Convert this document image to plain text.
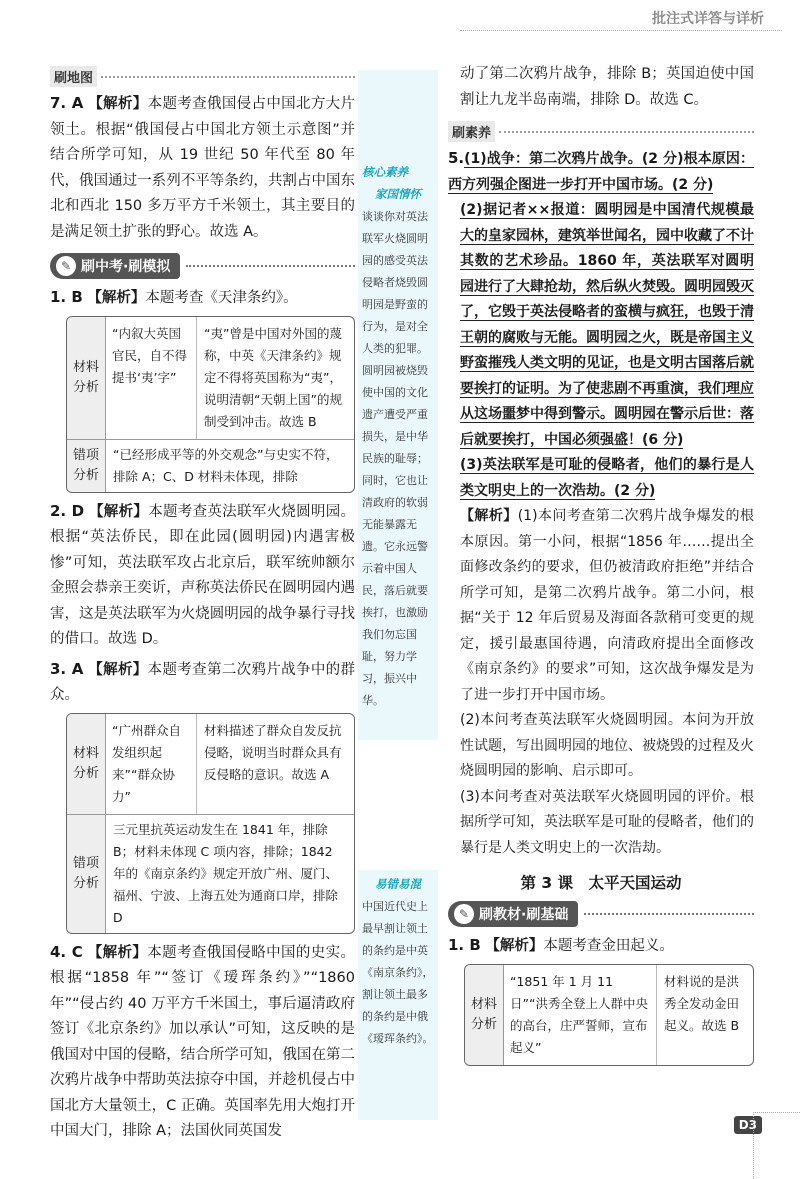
批注式详答与详析
刷地图

7. A 【解析】本题考查俄国侵占中国北方大片领土。根据“俄国侵占中国北方领土示意图”并结合所学可知，从 19 世纪 50 年代至 80 年代，俄国通过一系列不平等条约，共割占中国东北和西北 150 多万平方千米领土，其主要目的是满足领土扩张的野心。故选 A。

✎ 刷中考·刷模拟

1. B 【解析】本题考查《天津条约》。

材料分析
“内叙大英国官民，自不得提书‘夷’字”
“夷”曾是中国对外国的蔑称，中英《天津条约》规定不得将英国称为“夷”，说明清朝“天朝上国”的规制受到冲击。故选 B
错项分析
“已经形成平等的外交观念”与史实不符，排除 A；C、D 材料未体现，排除

2. D 【解析】本题考查英法联军火烧圆明园。根据“英法侨民，即在此园(圆明园)内遇害极惨”可知，英法联军攻占北京后，联军统帅额尔金照会恭亲王奕䜣，声称英法侨民在圆明园内遇害，这是英法联军为火烧圆明园的战争暴行寻找的借口。故选 D。

3. A 【解析】本题考查第二次鸦片战争中的群众。

材料分析
“广州群众自发组织起来”“群众协力”
材料描述了群众自发反抗侵略，说明当时群众具有反侵略的意识。故选 A
错项分析
三元里抗英运动发生在 1841 年，排除 B；材料未体现 C 项内容，排除；1842 年的《南京条约》规定开放广州、厦门、福州、宁波、上海五处为通商口岸，排除 D

4. C 【解析】本题考查俄国侵略中国的史实。根据“1858 年”“签订《瑷珲条约》”“1860 年”“侵占约 40 万平方千米国土，事后逼清政府签订《北京条约》加以承认”可知，这反映的是俄国对中国的侵略，结合所学可知，俄国在第二次鸦片战争中帮助英法掠夺中国，并趁机侵占中国北方大量领土，C 正确。英国率先用大炮打开中国大门，排除 A；法国伙同英国发

核心素养
家国情怀
谈谈你对英法联军火烧圆明园的感受英法侵略者烧毁圆明园是野蛮的行为，是对全人类的犯罪。圆明园被烧毁使中国的文化遗产遭受严重损失，是中华民族的耻辱；同时，它也让清政府的软弱无能暴露无遗。它永远警示着中国人民，落后就要挨打，也激励我们勿忘国耻，努力学习，振兴中华。
易错易混
中国近代史上最早割让领土的条约是中英《南京条约》，割让领土最多的条约是中俄《瑷珲条约》。

动了第二次鸦片战争，排除 B；英国迫使中国割让九龙半岛南端，排除 D。故选 C。

刷素养

5.(1)战争：第二次鸦片战争。(2 分)根本原因：西方列强企图进一步打开中国市场。(2 分)

(2)据记者××报道：圆明园是中国清代规模最大的皇家园林，建筑举世闻名，园中收藏了不计其数的艺术珍品。1860 年，英法联军对圆明园进行了大肆抢劫，然后纵火焚毁。圆明园毁灭了，它毁于英法侵略者的蛮横与疯狂，也毁于清王朝的腐败与无能。圆明园之火，既是帝国主义野蛮摧残人类文明的见证，也是文明古国落后就要挨打的证明。为了使悲剧不再重演，我们理应从这场噩梦中得到警示。圆明园在警示后世：落后就要挨打，中国必须强盛！(6 分)

(3)英法联军是可耻的侵略者，他们的暴行是人类文明史上的一次浩劫。(2 分)

【解析】(1)本问考查第二次鸦片战争爆发的根本原因。第一小问，根据“1856 年……提出全面修改条约的要求，但仍被清政府拒绝”并结合所学可知，是第二次鸦片战争。第二小问，根据“关于 12 年后贸易及海面各款稍可变更的规定，援引最惠国待遇，向清政府提出全面修改《南京条约》的要求”可知，这次战争爆发是为了进一步打开中国市场。

(2)本问考查英法联军火烧圆明园。本问为开放性试题，写出圆明园的地位、被烧毁的过程及火烧圆明园的影响、启示即可。

(3)本问考查对英法联军火烧圆明园的评价。根据所学可知，英法联军是可耻的侵略者，他们的暴行是人类文明史上的一次浩劫。

第 3 课　太平天国运动
✎ 刷教材·刷基础

1. B 【解析】本题考查金田起义。

材料分析
“1851 年 1 月 11 日”“洪秀全登上人群中央的高台，庄严誓师，宣布起义”
材料说的是洪秀全发动金田起义。故选 B
D3
